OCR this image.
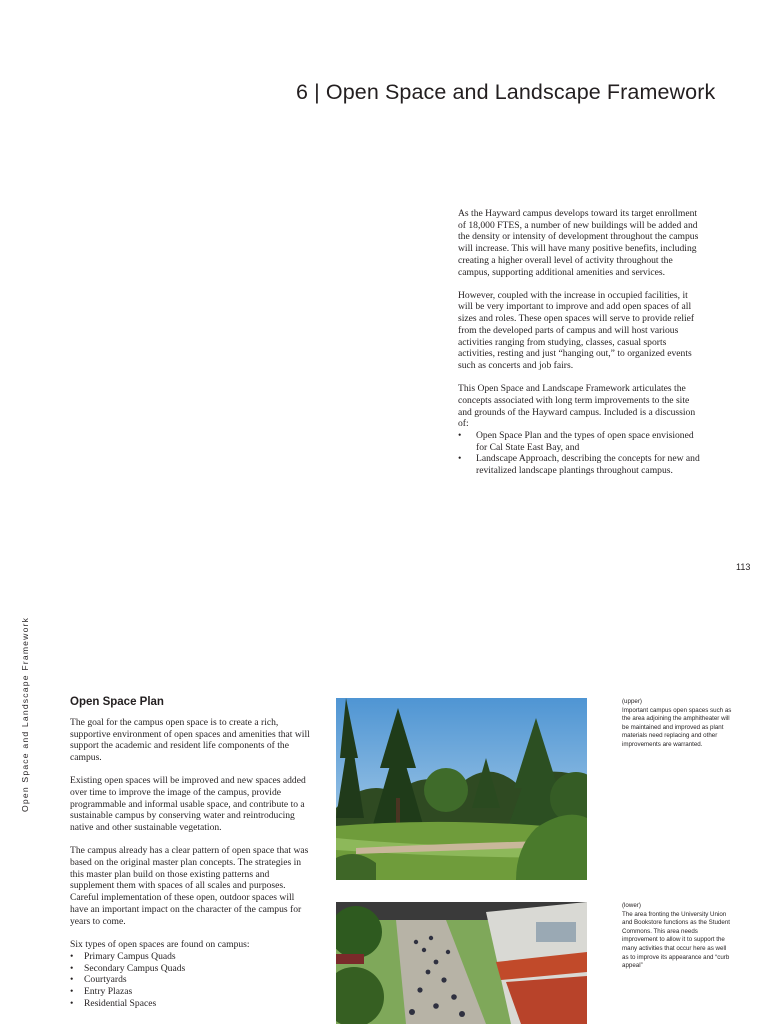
6 | Open Space and Landscape Framework

As the Hayward campus develops toward its target enrollment of 18,000 FTES, a number of new buildings will be added and the density or intensity of development throughout the campus will increase. This will have many positive benefits, including creating a higher overall level of activity throughout the campus, supporting additional amenities and services.

However, coupled with the increase in occupied facilities, it will be very important to improve and add open spaces of all sizes and roles. These open spaces will serve to provide relief from the developed parts of campus and will host various activities ranging from studying, classes, casual sports activities, resting and just “hanging out,” to organized events such as concerts and job fairs.

This Open Space and Landscape Framework articulates the concepts associated with long term improvements to the site and grounds of the Hayward campus. Included is a discussion of:

• Open Space Plan and the types of open space envisioned for Cal State East Bay, and
• Landscape Approach, describing the concepts for new and revitalized landscape plantings throughout campus.
113
Open Space and Landscape Framework	Open Space Plan

The goal for the campus open space is to create a rich, supportive environment of open spaces and amenities that will support the academic and resident life components of the campus.

Existing open spaces will be improved and new spaces added over time to improve the image of the campus, provide programmable and informal usable space, and contribute to a sustainable campus by conserving water and reintroducing native and other sustainable vegetation.

The campus already has a clear pattern of open space that was based on the original master plan concepts. The strategies in this master plan build on those existing patterns and supplement them with spaces of all scales and purposes. Careful implementation of these open, outdoor spaces will have an important impact on the character of the campus for years to come.

Six types of open spaces are found on campus:

• Primary Campus Quads
• Secondary Campus Quads
• Courtyards
• Entry Plazas
• Residential Spaces
(upper)
Important campus open spaces such as the area adjoining the amphitheater will be maintained and improved as plant materials need replacing and other improvements are warranted.
(lower)
The area fronting the University Union and Bookstore functions as the Student Commons. This area needs improvement to allow it to support the many activities that occur here as well as to improve its appearance and “curb appeal”
